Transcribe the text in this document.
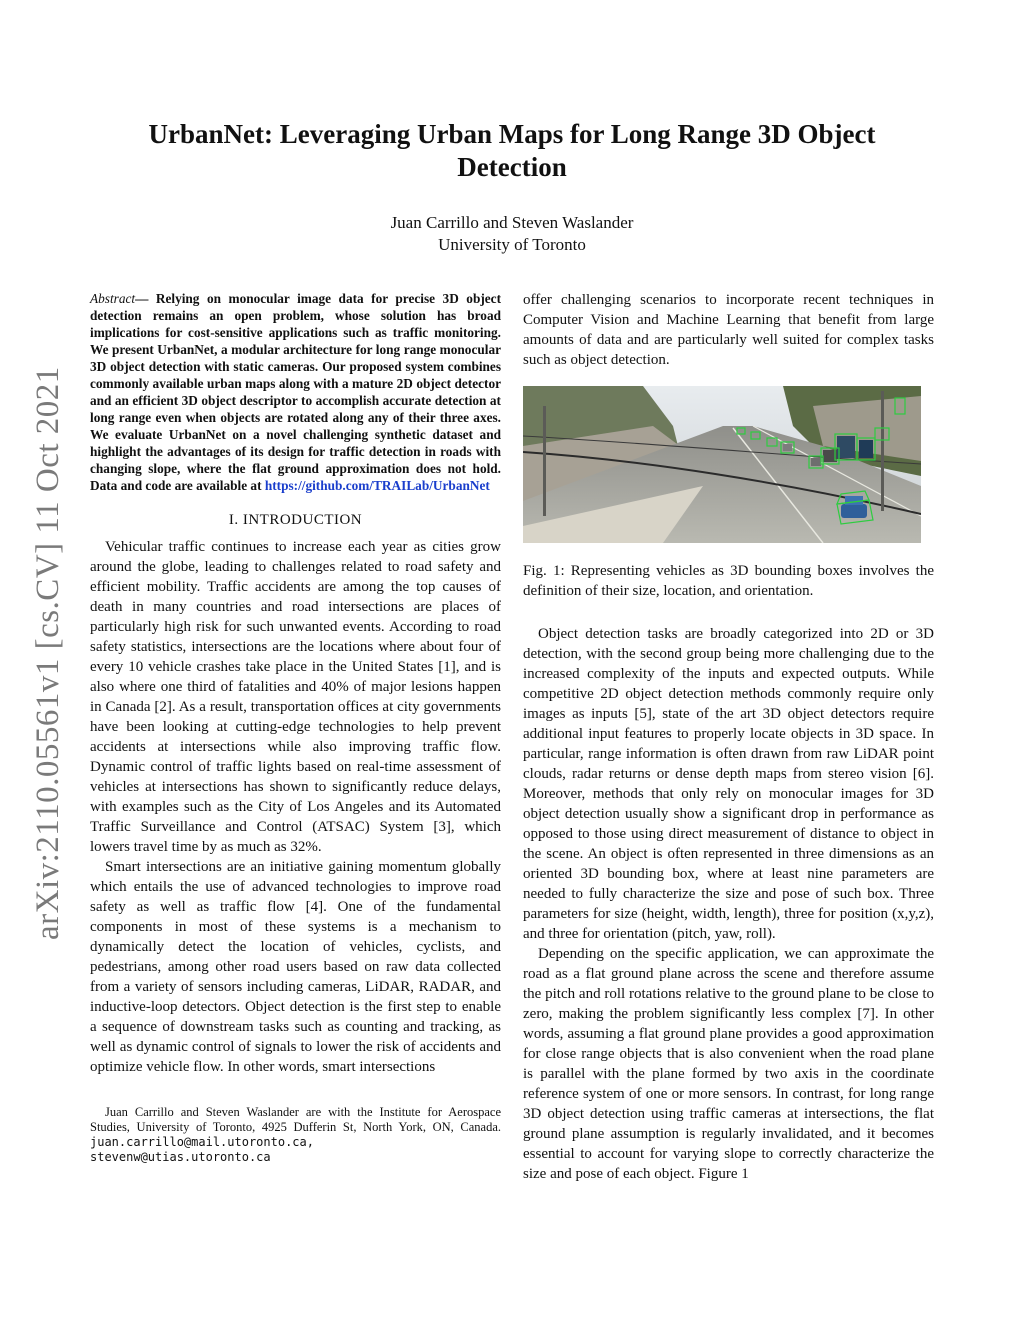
UrbanNet: Leveraging Urban Maps for Long Range 3D Object Detection
Juan Carrillo and Steven Waslander
University of Toronto
arXiv:2110.05561v1 [cs.CV] 11 Oct 2021
Abstract— Relying on monocular image data for precise 3D object detection remains an open problem, whose solution has broad implications for cost-sensitive applications such as traffic monitoring. We present UrbanNet, a modular architecture for long range monocular 3D object detection with static cameras. Our proposed system combines commonly available urban maps along with a mature 2D object detector and an efficient 3D object descriptor to accomplish accurate detection at long range even when objects are rotated along any of their three axes. We evaluate UrbanNet on a novel challenging synthetic dataset and highlight the advantages of its design for traffic detection in roads with changing slope, where the flat ground approximation does not hold. Data and code are available at https://github.com/TRAILab/UrbanNet
I. INTRODUCTION

Vehicular traffic continues to increase each year as cities grow around the globe, leading to challenges related to road safety and efficient mobility. Traffic accidents are among the top causes of death in many countries and road intersections are places of particularly high risk for such unwanted events. According to road safety statistics, intersections are the locations where about four of every 10 vehicle crashes take place in the United States [1], and is also where one third of fatalities and 40% of major lesions happen in Canada [2]. As a result, transportation offices at city governments have been looking at cutting-edge technologies to help prevent accidents at intersections while also improving traffic flow. Dynamic control of traffic lights based on real-time assessment of vehicles at intersections has shown to significantly reduce delays, with examples such as the City of Los Angeles and its Automated Traffic Surveillance and Control (ATSAC) System [3], which lowers travel time by as much as 32%.

Smart intersections are an initiative gaining momentum globally which entails the use of advanced technologies to improve road safety as well as traffic flow [4]. One of the fundamental components in most of these systems is a mechanism to dynamically detect the location of vehicles, cyclists, and pedestrians, among other road users based on raw data collected from a variety of sensors including cameras, LiDAR, RADAR, and inductive-loop detectors. Object detection is the first step to enable a sequence of downstream tasks such as counting and tracking, as well as dynamic control of signals to lower the risk of accidents and optimize vehicle flow. In other words, smart intersections

Juan Carrillo and Steven Waslander are with the Institute for Aerospace Studies, University of Toronto, 4925 Dufferin St, North York, ON, Canada. juan.carrillo@mail.utoronto.ca, stevenw@utias.utoronto.ca

offer challenging scenarios to incorporate recent techniques in Computer Vision and Machine Learning that benefit from large amounts of data and are particularly well suited for complex tasks such as object detection.

Fig. 1: Representing vehicles as 3D bounding boxes involves the definition of their size, location, and orientation.

Object detection tasks are broadly categorized into 2D or 3D detection, with the second group being more challenging due to the increased complexity of the inputs and expected outputs. While competitive 2D object detection methods commonly require only images as inputs [5], state of the art 3D object detectors require additional input features to properly locate objects in 3D space. In particular, range information is often drawn from raw LiDAR point clouds, radar returns or dense depth maps from stereo vision [6]. Moreover, methods that only rely on monocular images for 3D object detection usually show a significant drop in performance as opposed to those using direct measurement of distance to object in the scene. An object is often represented in three dimensions as an oriented 3D bounding box, where at least nine parameters are needed to fully characterize the size and pose of such box. Three parameters for size (height, width, length), three for position (x,y,z), and three for orientation (pitch, yaw, roll).

Depending on the specific application, we can approximate the road as a flat ground plane across the scene and therefore assume the pitch and roll rotations relative to the ground plane to be close to zero, making the problem significantly less complex [7]. In other words, assuming a flat ground plane provides a good approximation for close range objects that is also convenient when the road plane is parallel with the plane formed by two axis in the coordinate reference system of one or more sensors. In contrast, for long range 3D object detection using traffic cameras at intersections, the flat ground plane assumption is regularly invalidated, and it becomes essential to account for varying slope to correctly characterize the size and pose of each object. Figure 1
